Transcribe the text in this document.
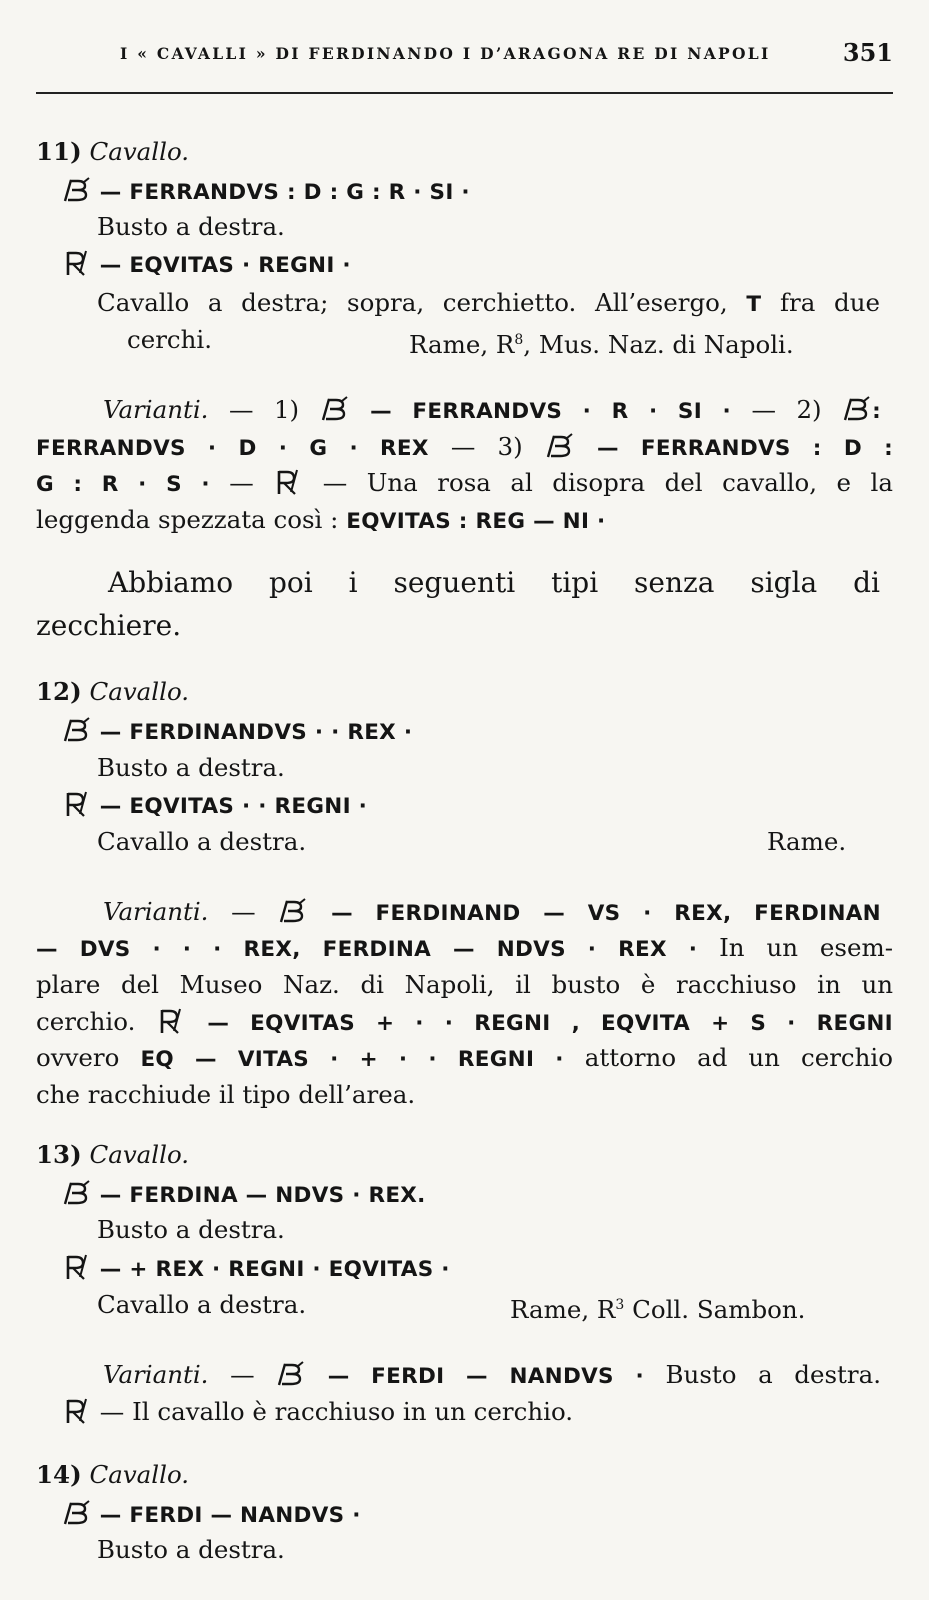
I « CAVALLI » DI FERDINANDO I D’ARAGONA RE DI NAPOLI	351
11) Cavallo.
— FERRANDVS : D : G : R · SI ·
Busto a destra.
— EQVITAS · REGNI ·
Cavallo a destra; sopra, cerchietto. All’esergo, T fra due
cerchi.	Rame, $R^8$, Mus. Naz. di Napoli.
Varianti. — 1)	— FERRANDVS · R · SI · — 2) :
FERRANDVS · D · G · REX — 3)	— FERRANDVS : D :
G : R · S · —	— Una rosa al disopra del cavallo, e la
leggenda spezzata così : EQVITAS : REG — NI ·
Abbiamo poi i seguenti tipi senza sigla di
zecchiere.
12) Cavallo.
— FERDINANDVS · · REX ·
Busto a destra.
— EQVITAS · · REGNI ·
Cavallo a destra.	Rame.
Varianti. —	— FERDINAND — VS · REX, FERDINAN
— DVS · · · REX, FERDINA — NDVS · REX · In un esem-
plare del Museo Naz. di Napoli, il busto è racchiuso in un
cerchio.	— EQVITAS + · · REGNI , EQVITA + S · REGNI
ovvero EQ — VITAS · + · · REGNI · attorno ad un cerchio
che racchiude il tipo dell’area.
13) Cavallo.
— FERDINA — NDVS · REX.
Busto a destra.
— + REX · REGNI · EQVITAS ·
Cavallo a destra.	Rame, $R^3$ Coll. Sambon.
Varianti. —	— FERDI — NANDVS · Busto a destra.
— Il cavallo è racchiuso in un cerchio.
14) Cavallo.
— FERDI — NANDVS ·
Busto a destra.
